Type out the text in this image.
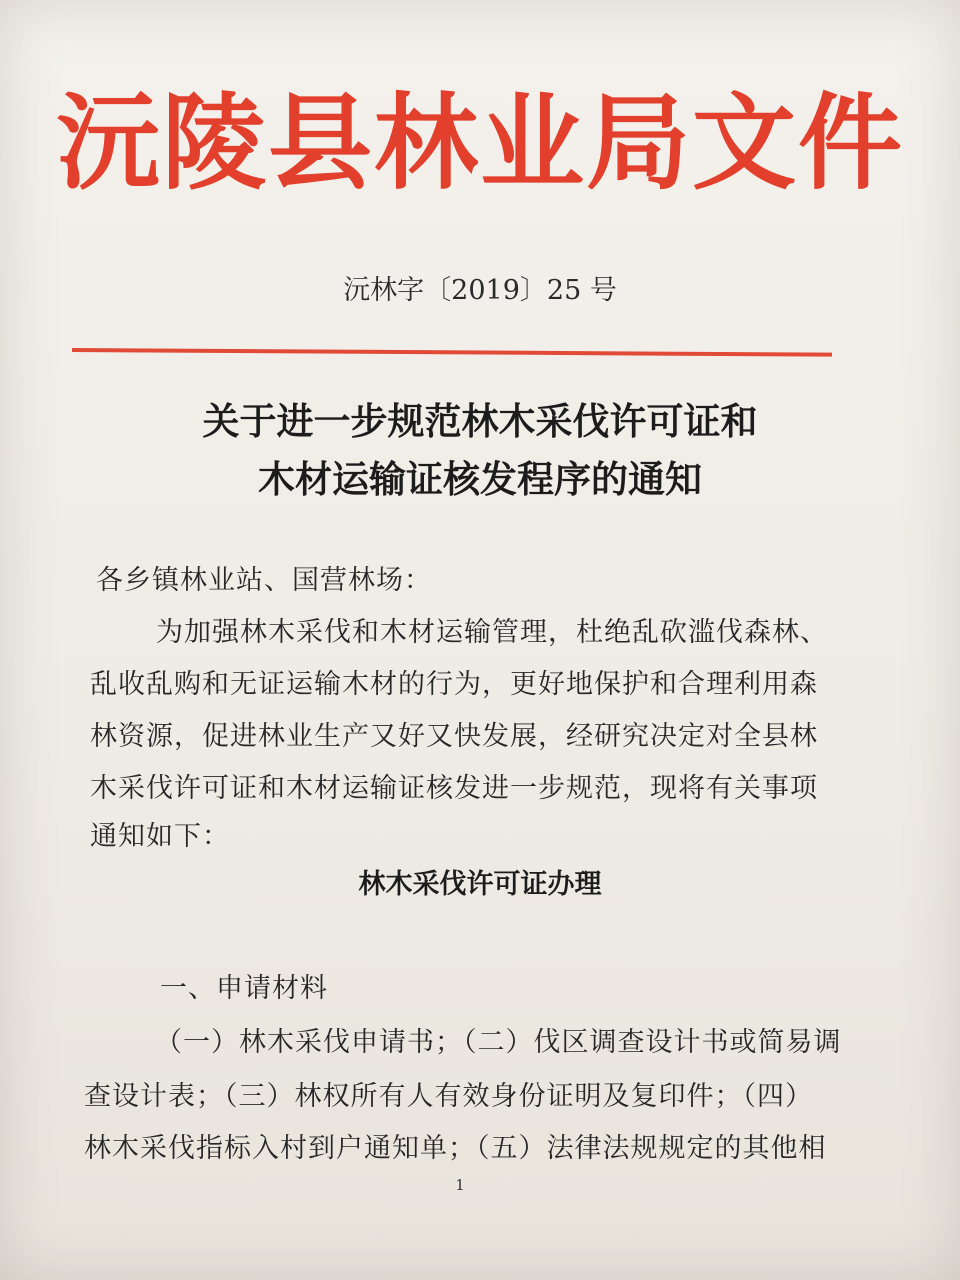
沅陵县林业局文件
沅林字〔2019〕25 号
关于进一步规范林木采伐许可证和
木材运输证核发程序的通知
各乡镇林业站、国营林场：
为加强林木采伐和木材运输管理，杜绝乱砍滥伐森林、
乱收乱购和无证运输木材的行为，更好地保护和合理利用森
林资源，促进林业生产又好又快发展，经研究决定对全县林
木采伐许可证和木材运输证核发进一步规范，现将有关事项
通知如下：
林木采伐许可证办理
一、申请材料
（一）林木采伐申请书；（二）伐区调查设计书或简易调
查设计表；（三）林权所有人有效身份证明及复印件；（四）
林木采伐指标入村到户通知单；（五）法律法规规定的其他相
1
